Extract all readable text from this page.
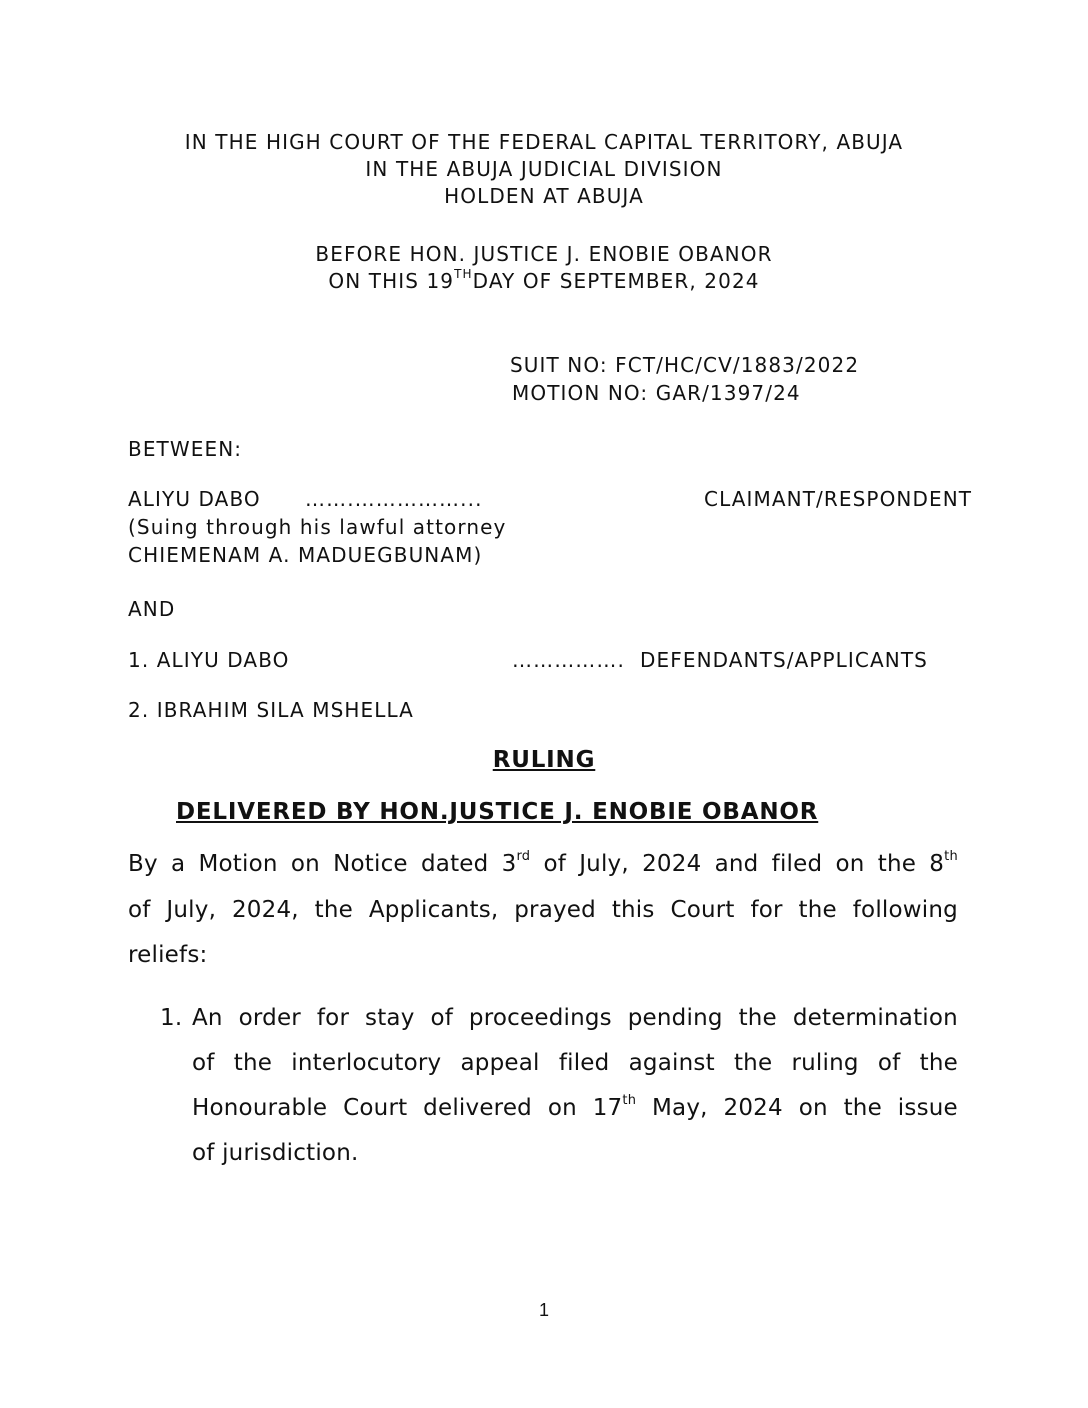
IN THE HIGH COURT OF THE FEDERAL CAPITAL TERRITORY, ABUJA
IN THE ABUJA JUDICIAL DIVISION
HOLDEN AT ABUJA
BEFORE HON. JUSTICE J. ENOBIE OBANOR
ON THIS 19THDAY OF SEPTEMBER, 2024
SUIT NO: FCT/HC/CV/1883/2022
MOTION NO: GAR/1397/24
BETWEEN:
ALIYU DABO …….……………...	CLAIMANT/RESPONDENT
(Suing through his lawful attorney
CHIEMENAM A. MADUEGBUNAM)
AND
1. ALIYU DABO	……………. DEFENDANTS/APPLICANTS
2. IBRAHIM SILA MSHELLA
RULING
DELIVERED BY HON.JUSTICE J. ENOBIE OBANOR
By a Motion on Notice dated 3rd of July, 2024 and filed on the 8th
of July, 2024, the Applicants, prayed this Court for the following
reliefs:
1. An order for stay of proceedings pending the determination
of the interlocutory appeal filed against the ruling of the
Honourable Court delivered on 17th May, 2024 on the issue
of jurisdiction.
1
